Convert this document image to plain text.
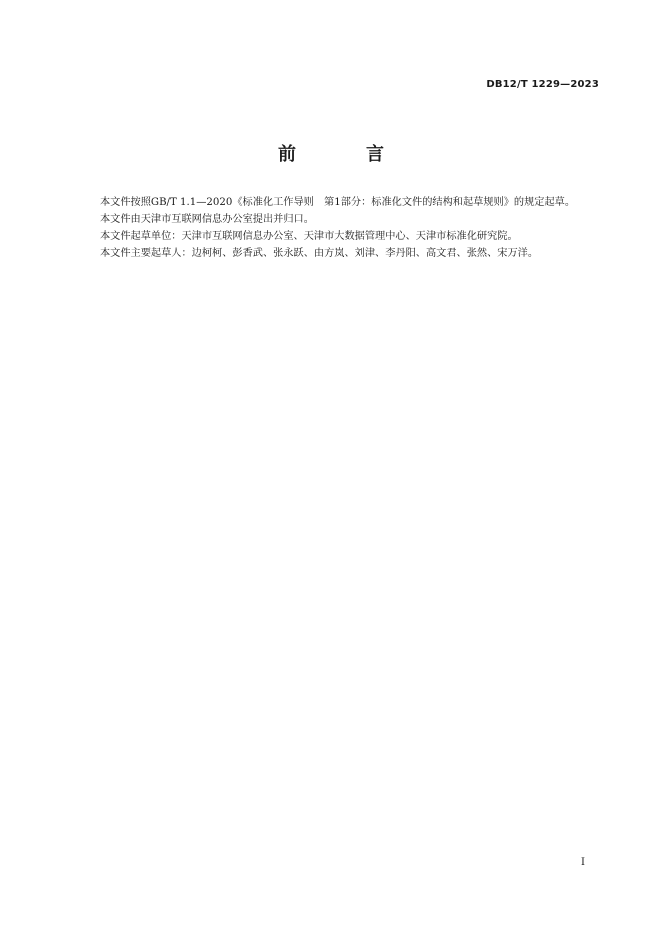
DB12/T 1229—2023
前　言

本文件按照GB/T 1.1—2020《标准化工作导则　第1部分：标准化文件的结构和起草规则》的规定起草。

本文件由天津市互联网信息办公室提出并归口。

本文件起草单位：天津市互联网信息办公室、天津市大数据管理中心、天津市标准化研究院。

本文件主要起草人：边柯柯、彭香武、张永跃、由方岚、刘津、李丹阳、高文君、张然、宋万洋。

I
